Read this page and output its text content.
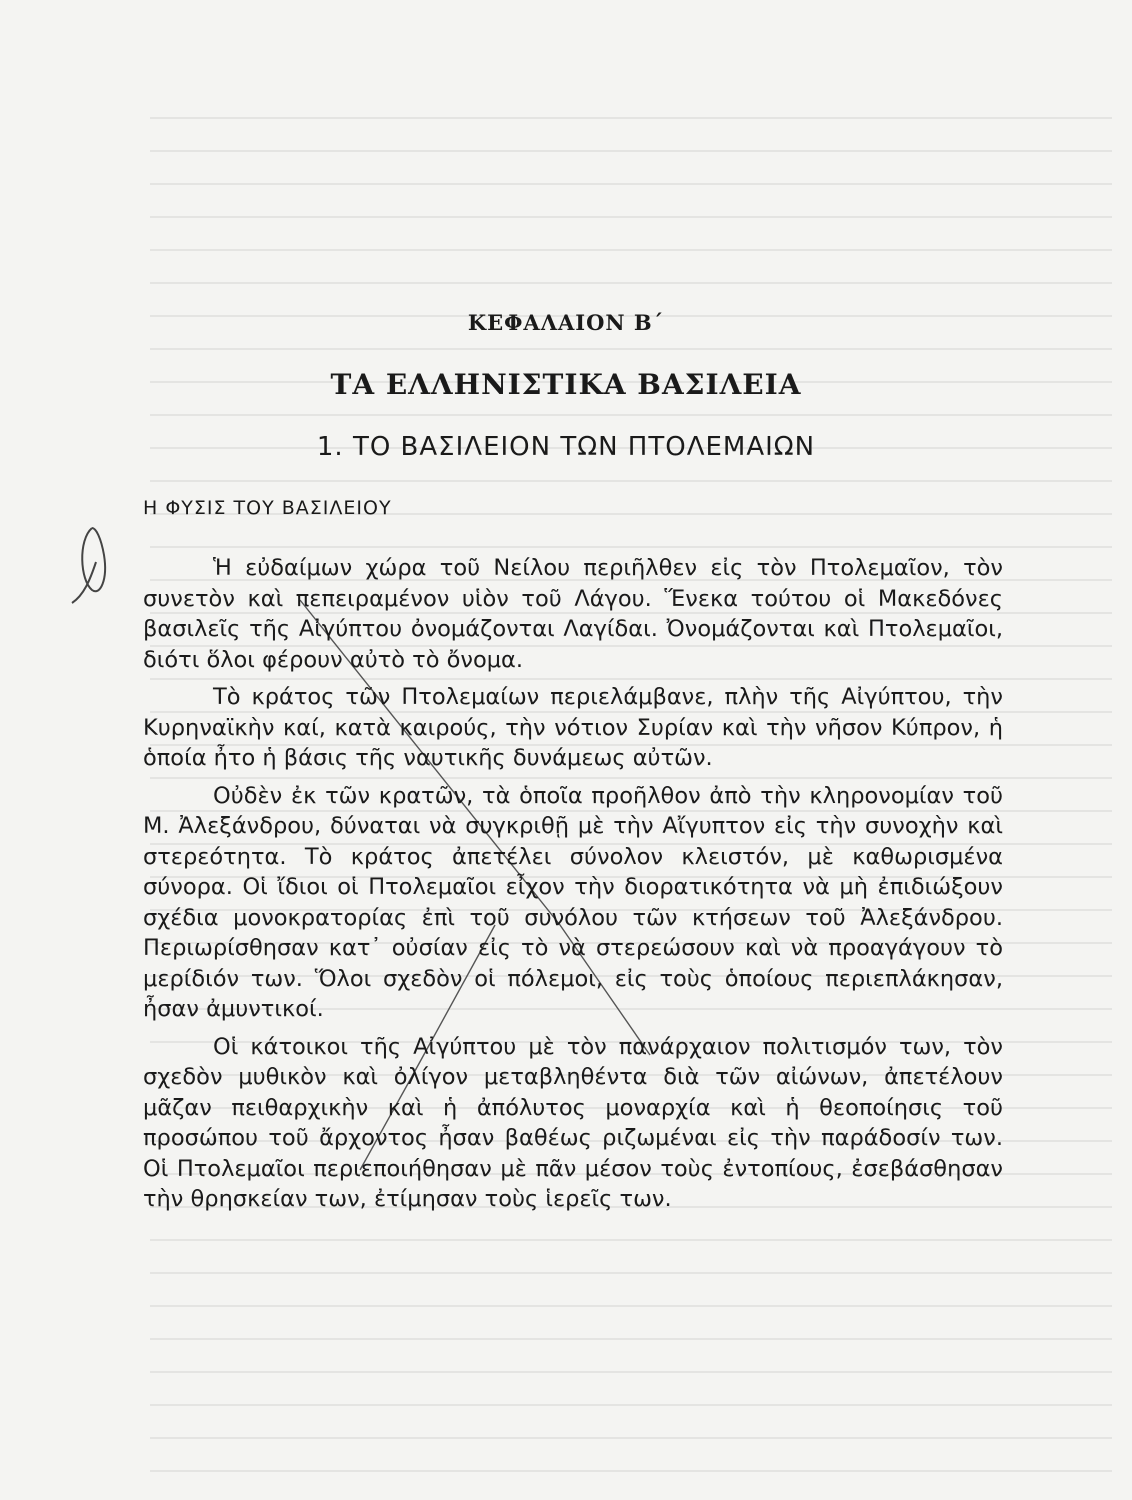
ΚΕΦΑΛΑΙΟΝ Β΄
ΤΑ ΕΛΛΗΝΙΣΤΙΚΑ ΒΑΣΙΛΕΙΑ
1. ΤΟ ΒΑΣΙΛΕΙΟΝ ΤΩΝ ΠΤΟΛΕΜΑΙΩΝ
Η ΦΥΣΙΣ ΤΟΥ ΒΑΣΙΛΕΙΟΥ

Ἡ εὐδαίμων χώρα τοῦ Νείλου περιῆλθεν εἰς τὸν Πτολεμαῖον, τὸν συνετὸν καὶ πεπειραμένον υἱὸν τοῦ Λάγου. Ἕνεκα τούτου οἱ Μακεδόνες βασιλεῖς τῆς Αἰγύπτου ὀνομάζονται Λαγίδαι. Ὀνομάζονται καὶ Πτολεμαῖοι, διότι ὅλοι φέρουν αὐτὸ τὸ ὄνομα.

Τὸ κράτος τῶν Πτολεμαίων περιελάμβανε, πλὴν τῆς Αἰγύπτου, τὴν Κυρηναϊκὴν καί, κατὰ καιρούς, τὴν νότιον Συρίαν καὶ τὴν νῆσον Κύπρον, ἡ ὁποία ἦτο ἡ βάσις τῆς ναυτικῆς δυνάμεως αὐτῶν.

Οὐδὲν ἐκ τῶν κρατῶν, τὰ ὁποῖα προῆλθον ἀπὸ τὴν κληρονομίαν τοῦ Μ. Ἀλεξάνδρου, δύναται νὰ συγκριθῇ μὲ τὴν Αἴγυπτον εἰς τὴν συνοχὴν καὶ στερεότητα. Τὸ κράτος ἀπετέλει σύνολον κλειστόν, μὲ καθωρισμένα σύνορα. Οἱ ἴδιοι οἱ Πτολεμαῖοι εἶχον τὴν διορατικότητα νὰ μὴ ἐπιδιώξουν σχέδια μονοκρατορίας ἐπὶ τοῦ συνόλου τῶν κτήσεων τοῦ Ἀλεξάνδρου. Περιωρίσθησαν κατ᾽ οὐσίαν εἰς τὸ νὰ στερεώσουν καὶ νὰ προαγάγουν τὸ μερίδιόν των. Ὅλοι σχεδὸν οἱ πόλεμοι, εἰς τοὺς ὁποίους περιεπλάκησαν, ἦσαν ἀμυντικοί.

Οἱ κάτοικοι τῆς Αἰγύπτου μὲ τὸν πανάρχαιον πολιτισμόν των, τὸν σχεδὸν μυθικὸν καὶ ὀλίγον μεταβληθέντα διὰ τῶν αἰώνων, ἀπετέλουν μᾶζαν πειθαρχικὴν καὶ ἡ ἀπόλυτος μοναρχία καὶ ἡ θεοποίησις τοῦ προσώπου τοῦ ἄρχοντος ἦσαν βαθέως ριζωμέναι εἰς τὴν παράδοσίν των. Οἱ Πτολεμαῖοι περιεποιήθησαν μὲ πᾶν μέσον τοὺς ἐντοπίους, ἐσεβάσθησαν τὴν θρησκείαν των, ἐτίμησαν τοὺς ἱερεῖς των.
